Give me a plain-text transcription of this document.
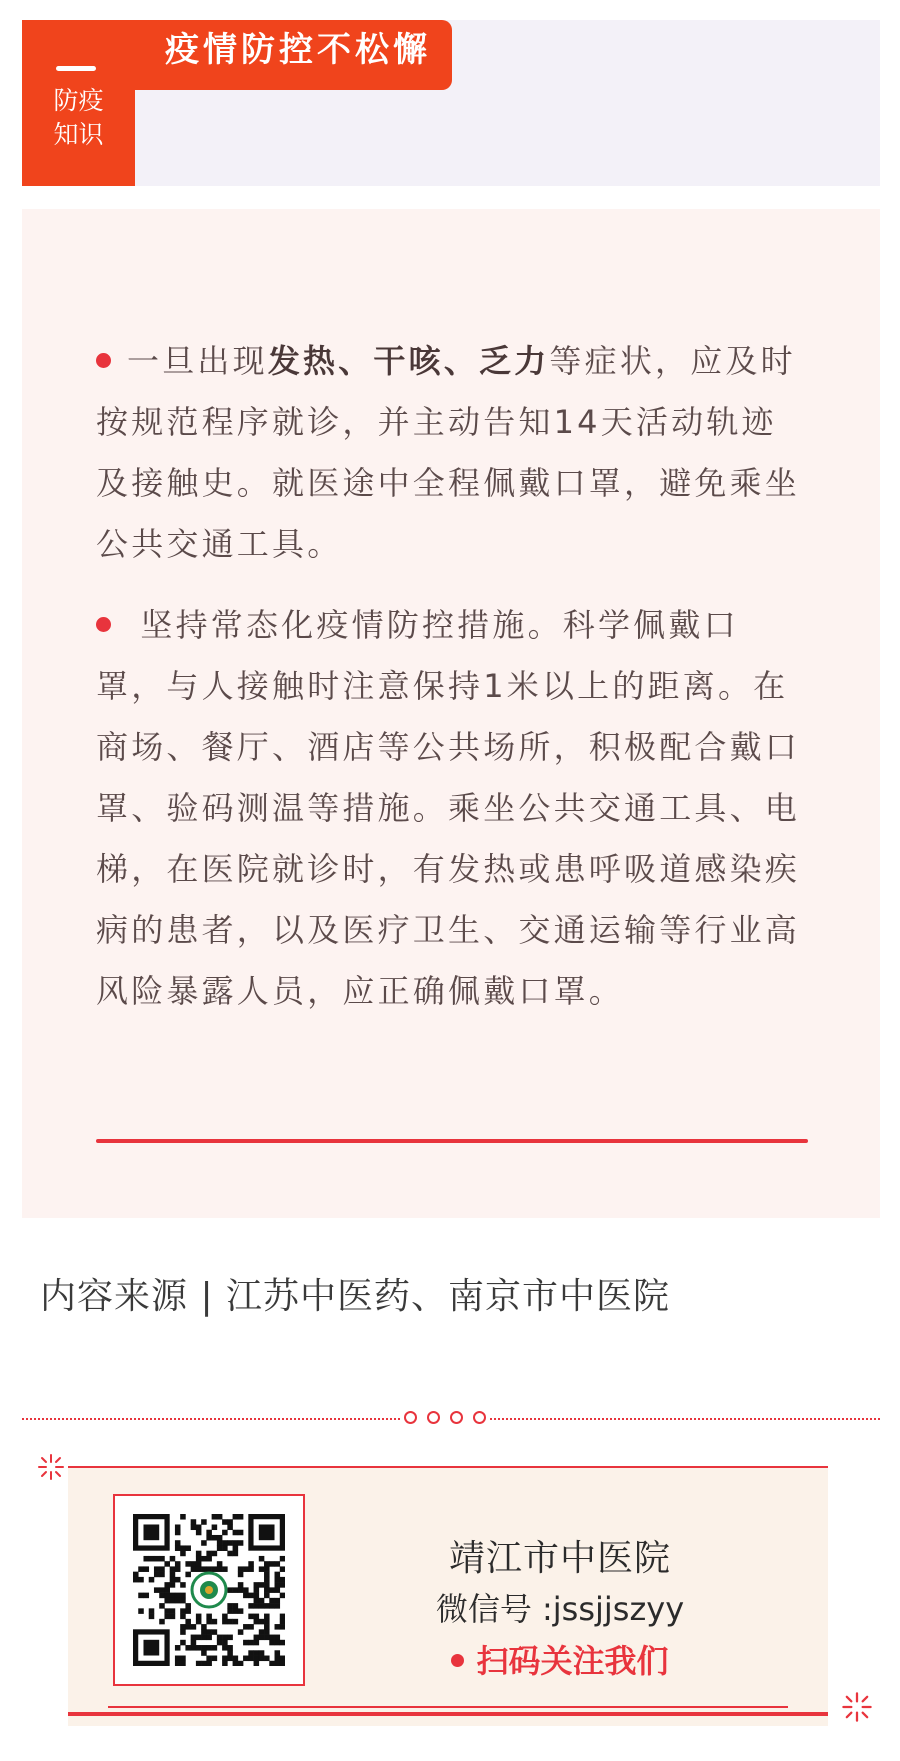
防疫
知识
疫情防控不松懈

一旦出现发热、干咳、乏力等症状，应及时按规范程序就诊，并主动告知14天活动轨迹及接触史。就医途中全程佩戴口罩，避免乘坐公共交通工具。

坚持常态化疫情防控措施。科学佩戴口罩，与人接触时注意保持1米以上的距离。在商场、餐厅、酒店等公共场所，积极配合戴口罩、验码测温等措施。乘坐公共交通工具、电梯，在医院就诊时，有发热或患呼吸道感染疾病的患者，以及医疗卫生、交通运输等行业高风险暴露人员，应正确佩戴口罩。

内容来源 | 江苏中医药、南京市中医院
靖江市中医院
微信号 :jssjjszyy
扫码关注我们
